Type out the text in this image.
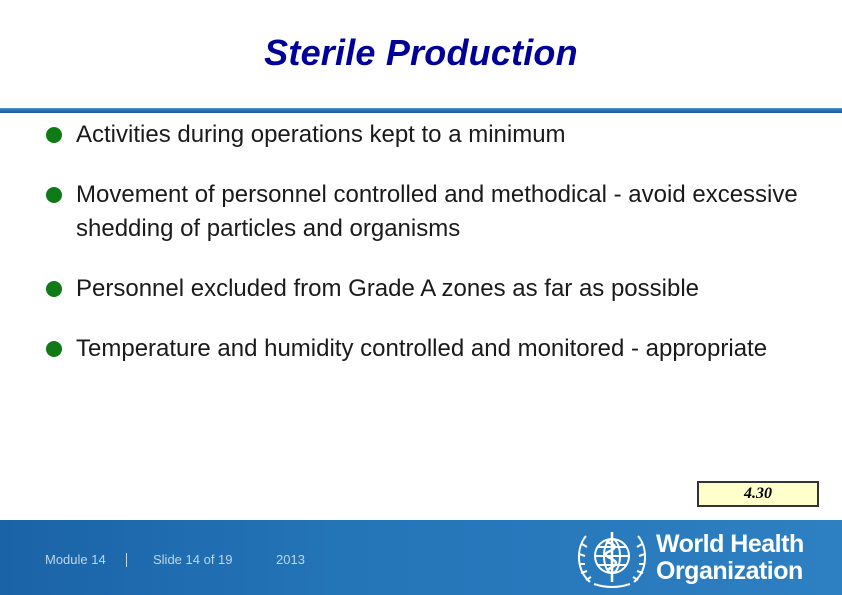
Sterile Production
Activities during operations kept to a minimum
Movement of personnel controlled and methodical - avoid excessive shedding of particles and organisms
Personnel excluded from Grade A zones as far as possible
Temperature and humidity controlled and monitored - appropriate
4.30
Module 14	Slide 14 of 19	2013
World Health
Organization
